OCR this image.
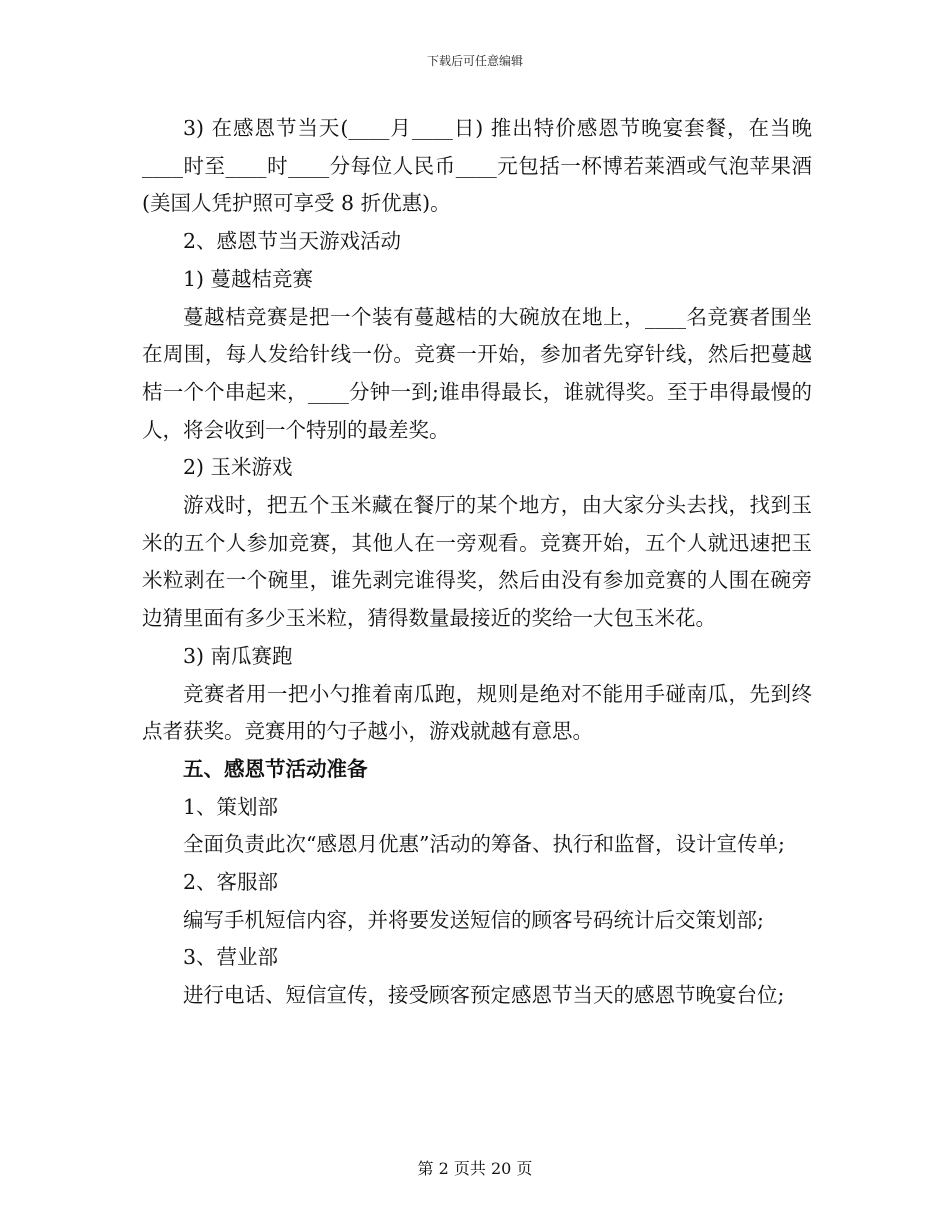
下载后可任意编辑

3) 在感恩节当天(____月____日) 推出特价感恩节晚宴套餐，在当晚____时至____时____分每位人民币____元包括一杯博若莱酒或气泡苹果酒(美国人凭护照可享受 8 折优惠)。

2、感恩节当天游戏活动

1) 蔓越桔竞赛

蔓越桔竞赛是把一个装有蔓越桔的大碗放在地上，____名竞赛者围坐在周围，每人发给针线一份。竞赛一开始，参加者先穿针线，然后把蔓越桔一个个串起来，____分钟一到;谁串得最长，谁就得奖。至于串得最慢的人，将会收到一个特别的最差奖。

2) 玉米游戏

游戏时，把五个玉米藏在餐厅的某个地方，由大家分头去找，找到玉米的五个人参加竞赛，其他人在一旁观看。竞赛开始，五个人就迅速把玉米粒剥在一个碗里，谁先剥完谁得奖，然后由没有参加竞赛的人围在碗旁边猜里面有多少玉米粒，猜得数量最接近的奖给一大包玉米花。

3) 南瓜赛跑

竞赛者用一把小勺推着南瓜跑，规则是绝对不能用手碰南瓜，先到终点者获奖。竞赛用的勺子越小，游戏就越有意思。

五、感恩节活动准备

1、策划部

全面负责此次“感恩月优惠”活动的筹备、执行和监督，设计宣传单;

2、客服部

编写手机短信内容，并将要发送短信的顾客号码统计后交策划部;

3、营业部

进行电话、短信宣传，接受顾客预定感恩节当天的感恩节晚宴台位;

第 2 页共 20 页
